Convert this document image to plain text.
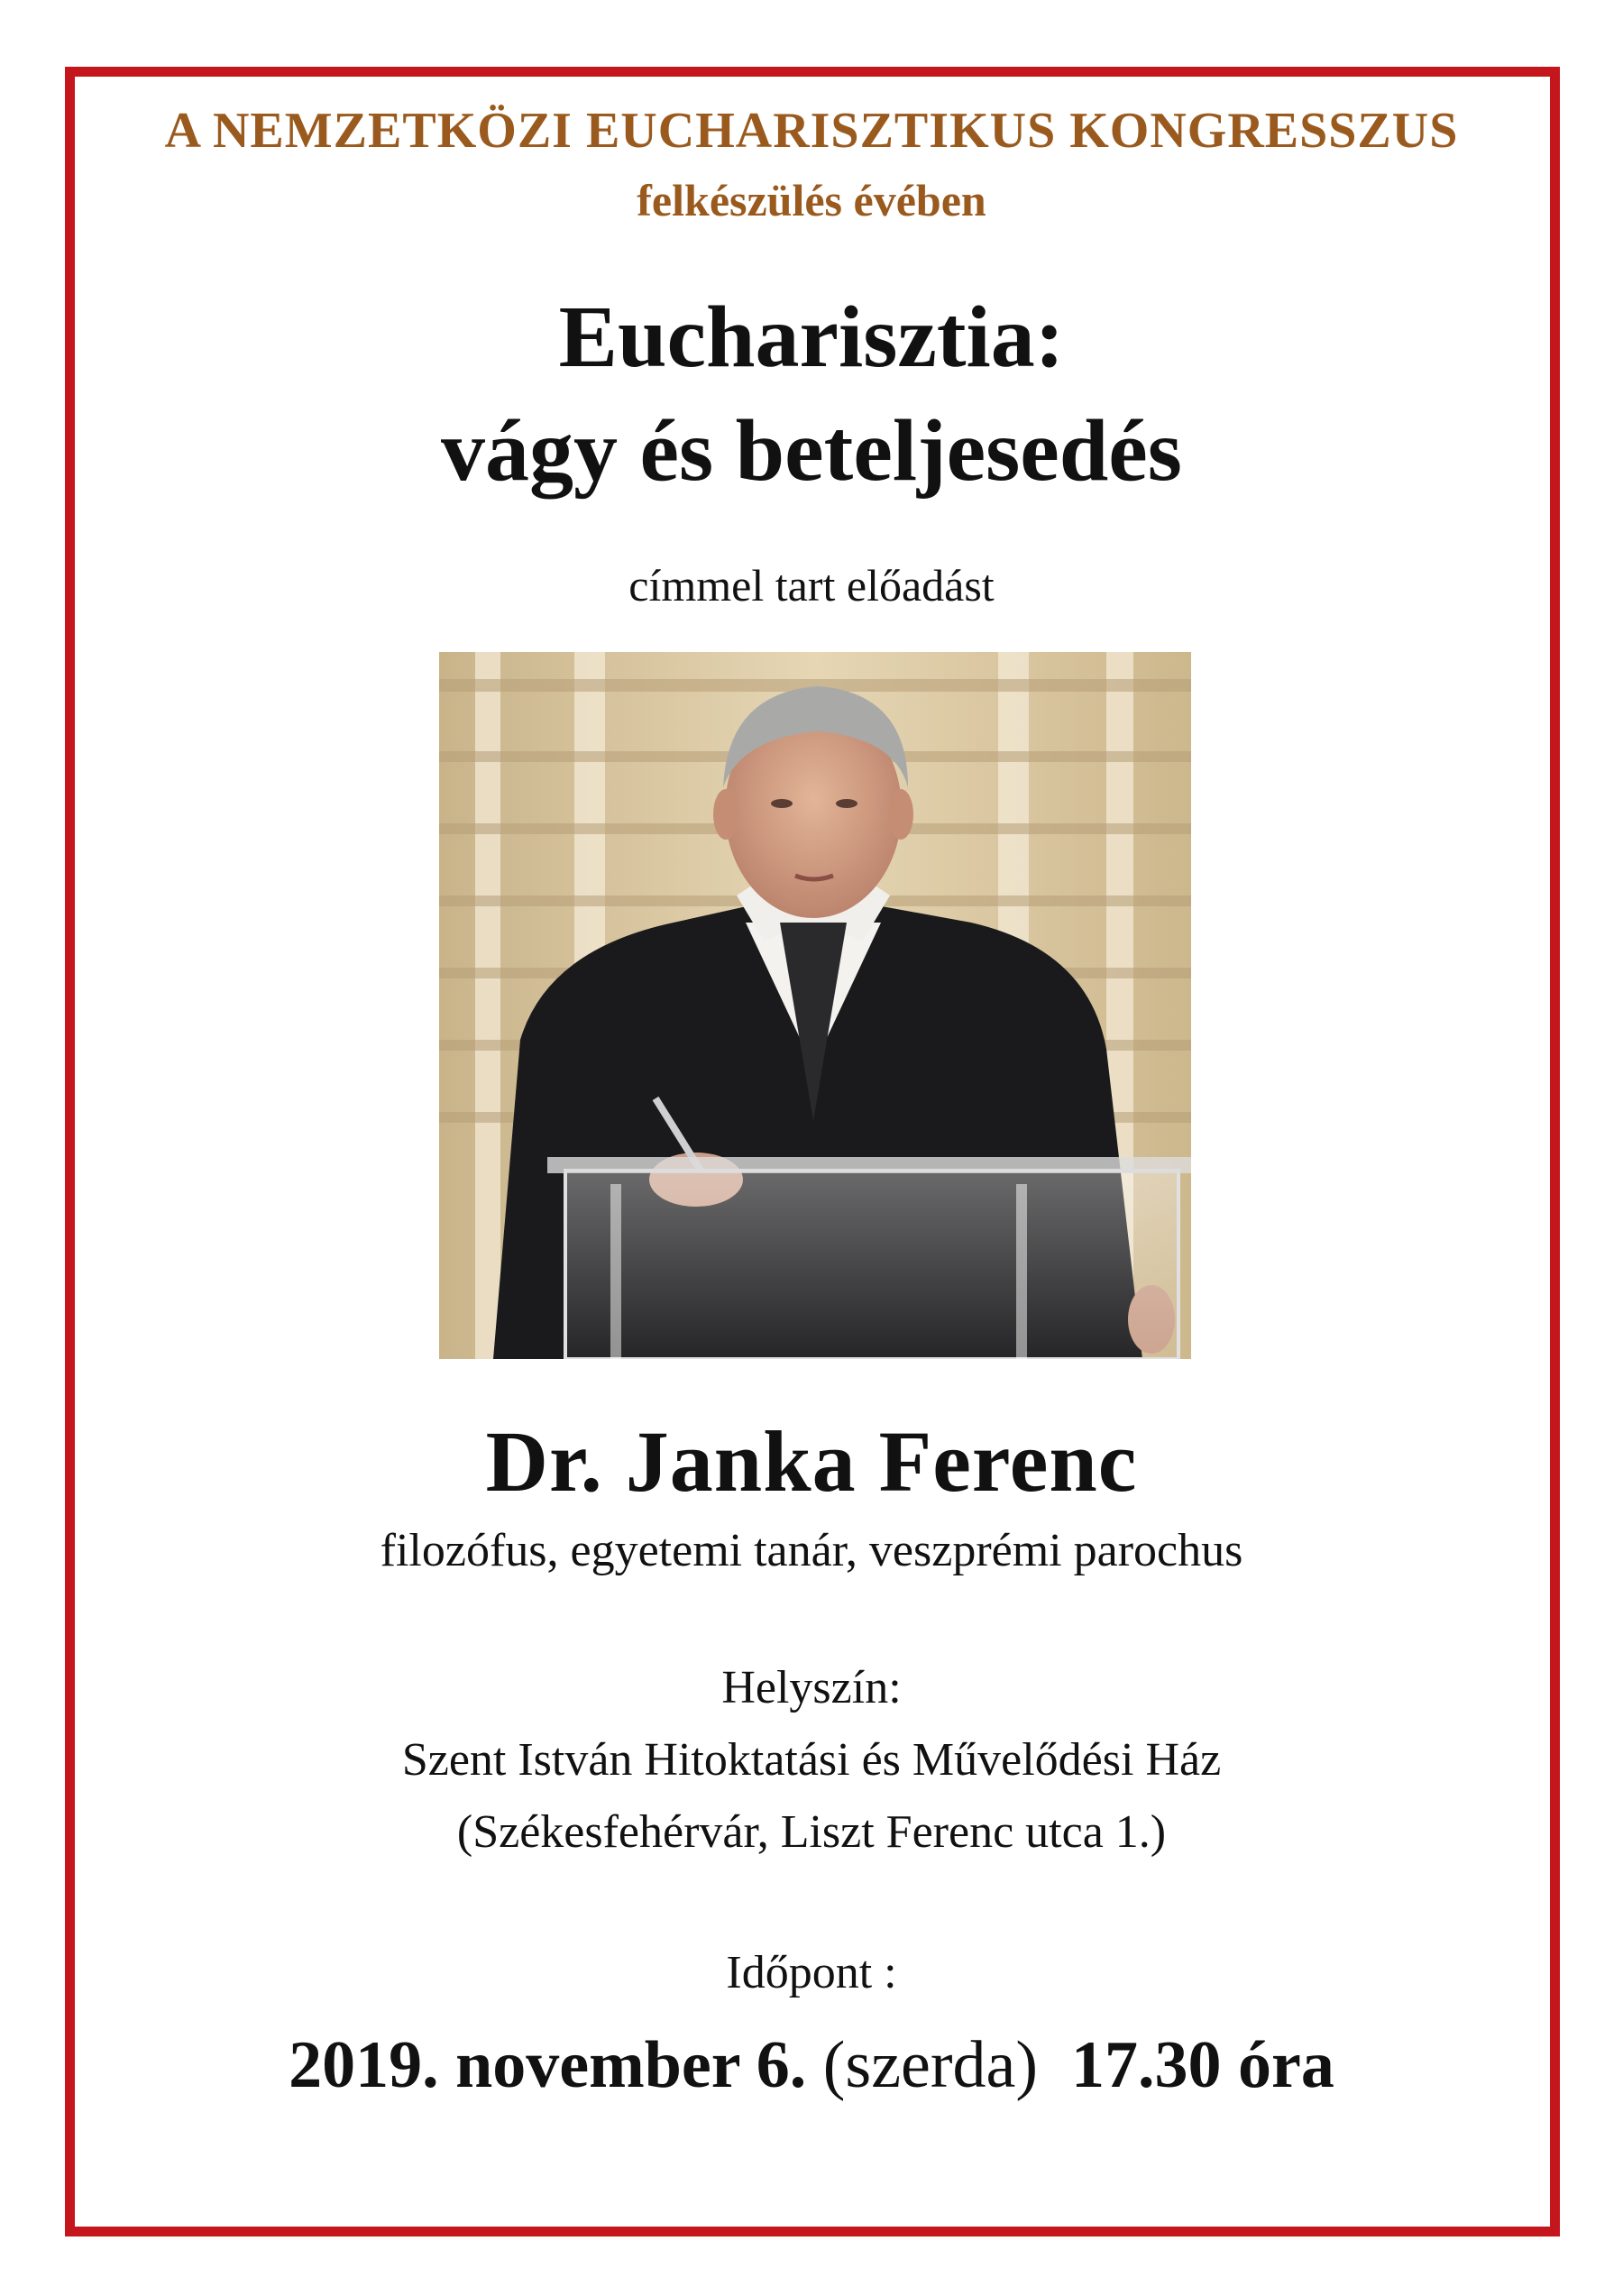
A NEMZETKÖZI EUCHARISZTIKUS KONGRESSZUS
felkészülés évében
Eucharisztia:
vágy és beteljesedés
címmel tart előadást
Dr. Janka Ferenc
filozófus, egyetemi tanár, veszprémi parochus
Helyszín:
Szent István Hitoktatási és Művelődési Ház
(Székesfehérvár, Liszt Ferenc utca 1.)
Időpont :
2019. november 6. (szerda) 17.30 óra
